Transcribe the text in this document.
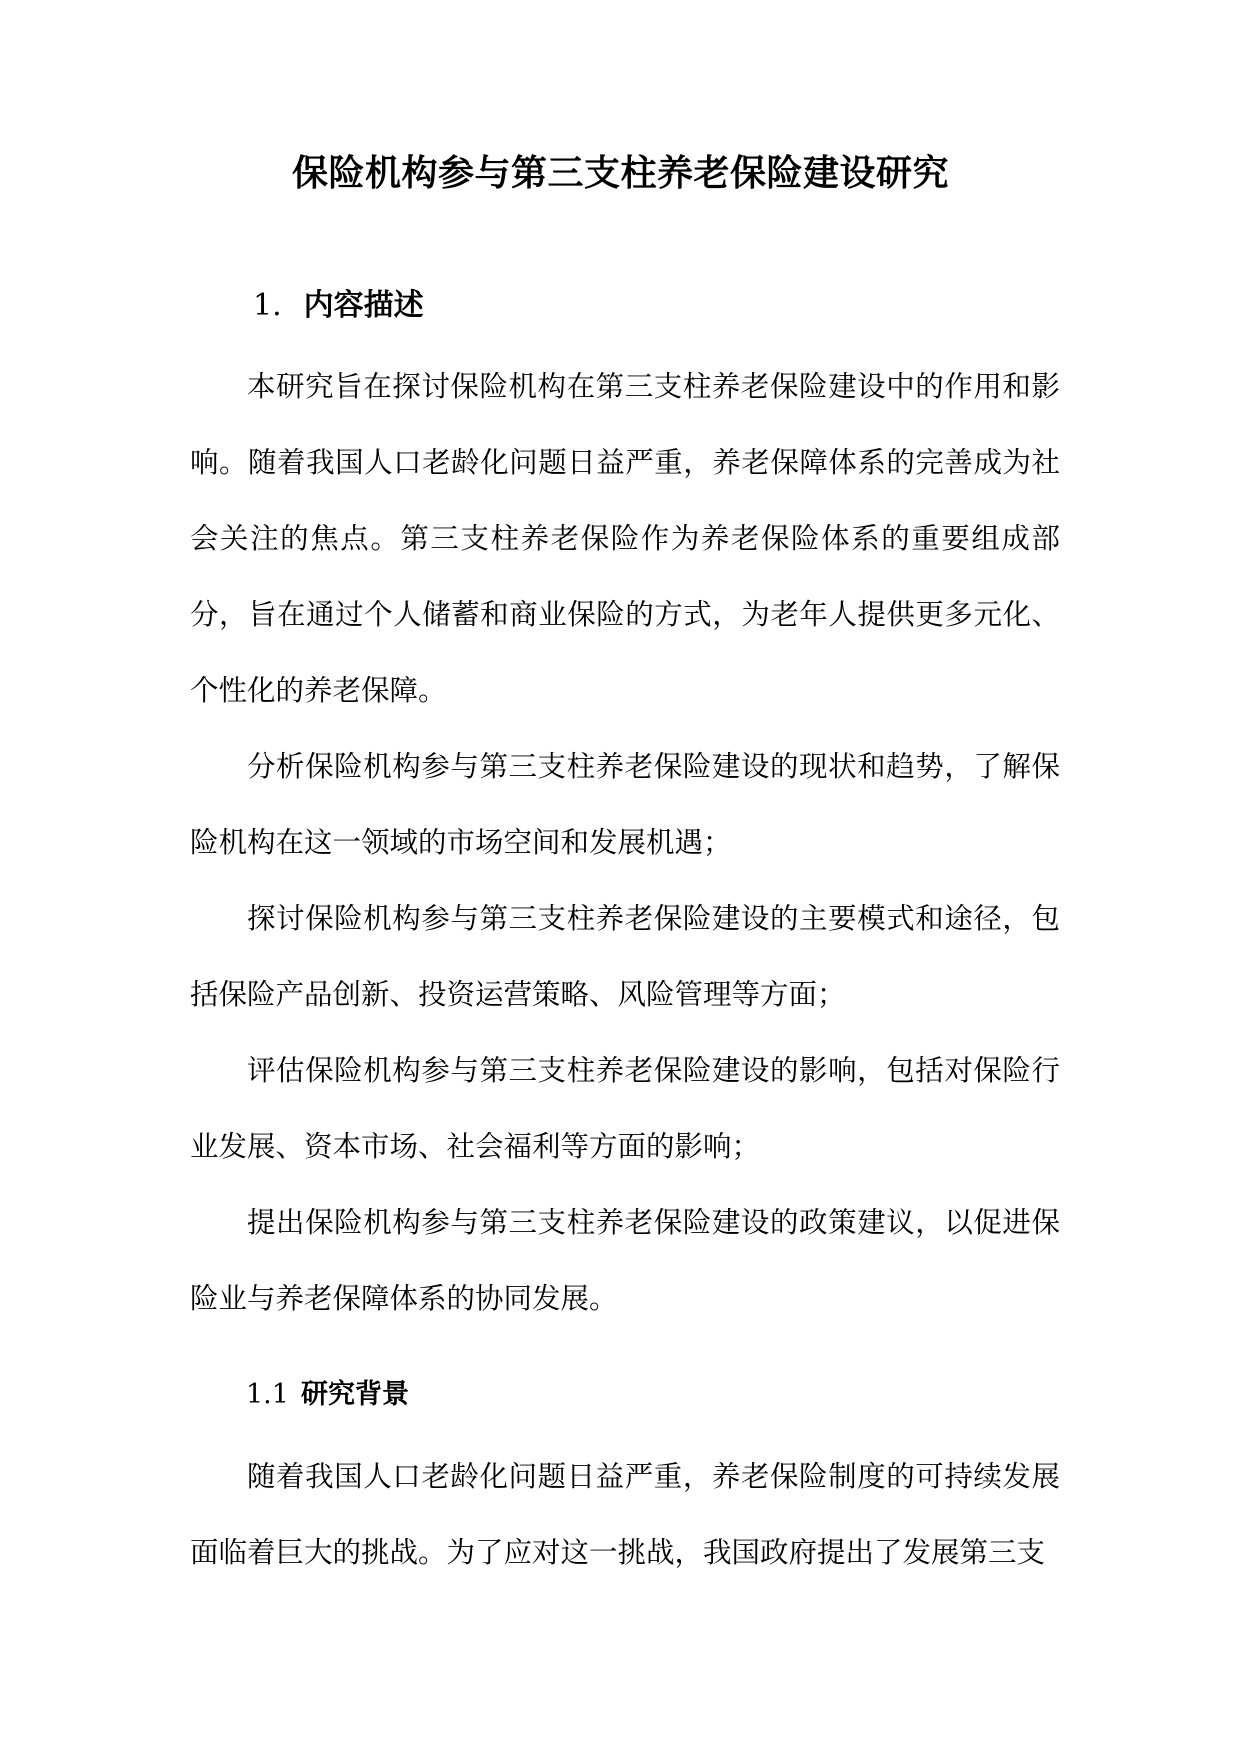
保险机构参与第三支柱养老保险建设研究
1. 内容描述

本研究旨在探讨保险机构在第三支柱养老保险建设中的作用和影响。随着我国人口老龄化问题日益严重，养老保障体系的完善成为社会关注的焦点。第三支柱养老保险作为养老保险体系的重要组成部分，旨在通过个人储蓄和商业保险的方式，为老年人提供更多元化、个性化的养老保障。

分析保险机构参与第三支柱养老保险建设的现状和趋势，了解保险机构在这一领域的市场空间和发展机遇；

探讨保险机构参与第三支柱养老保险建设的主要模式和途径，包括保险产品创新、投资运营策略、风险管理等方面；

评估保险机构参与第三支柱养老保险建设的影响，包括对保险行业发展、资本市场、社会福利等方面的影响；

提出保险机构参与第三支柱养老保险建设的政策建议，以促进保险业与养老保障体系的协同发展。

1.1 研究背景

随着我国人口老龄化问题日益严重，养老保险制度的可持续发展面临着巨大的挑战。为了应对这一挑战，我国政府提出了发展第三支
